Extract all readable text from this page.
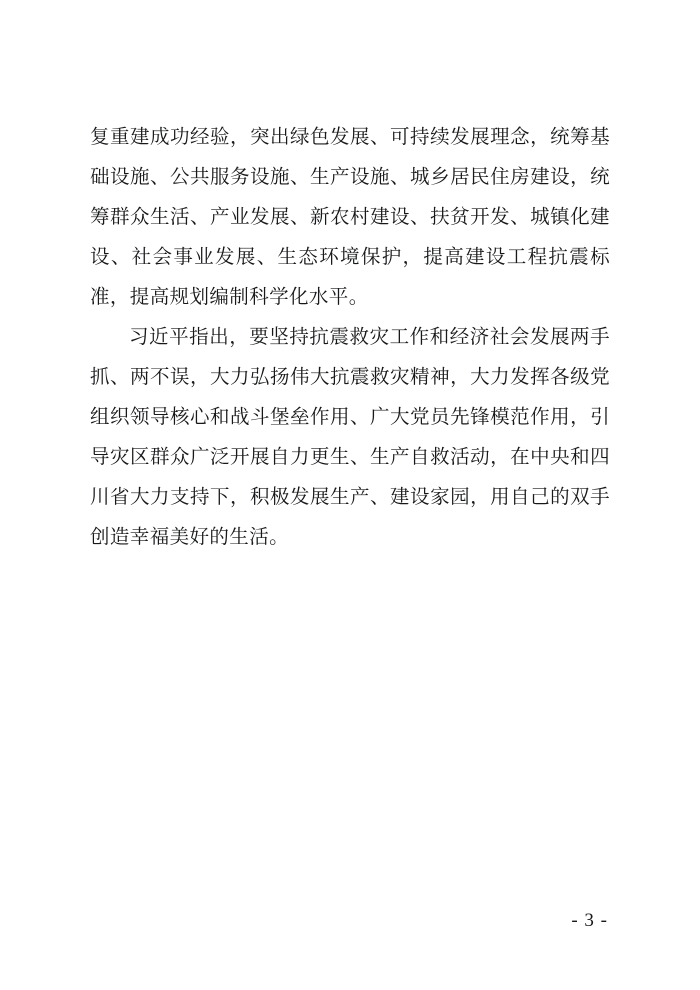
复重建成功经验，突出绿色发展、可持续发展理念，统筹基础设施、公共服务设施、生产设施、城乡居民住房建设，统筹群众生活、产业发展、新农村建设、扶贫开发、城镇化建设、社会事业发展、生态环境保护，提高建设工程抗震标准，提高规划编制科学化水平。

习近平指出，要坚持抗震救灾工作和经济社会发展两手抓、两不误，大力弘扬伟大抗震救灾精神，大力发挥各级党组织领导核心和战斗堡垒作用、广大党员先锋模范作用，引导灾区群众广泛开展自力更生、生产自救活动，在中央和四川省大力支持下，积极发展生产、建设家园，用自己的双手创造幸福美好的生活。

- 3 -
